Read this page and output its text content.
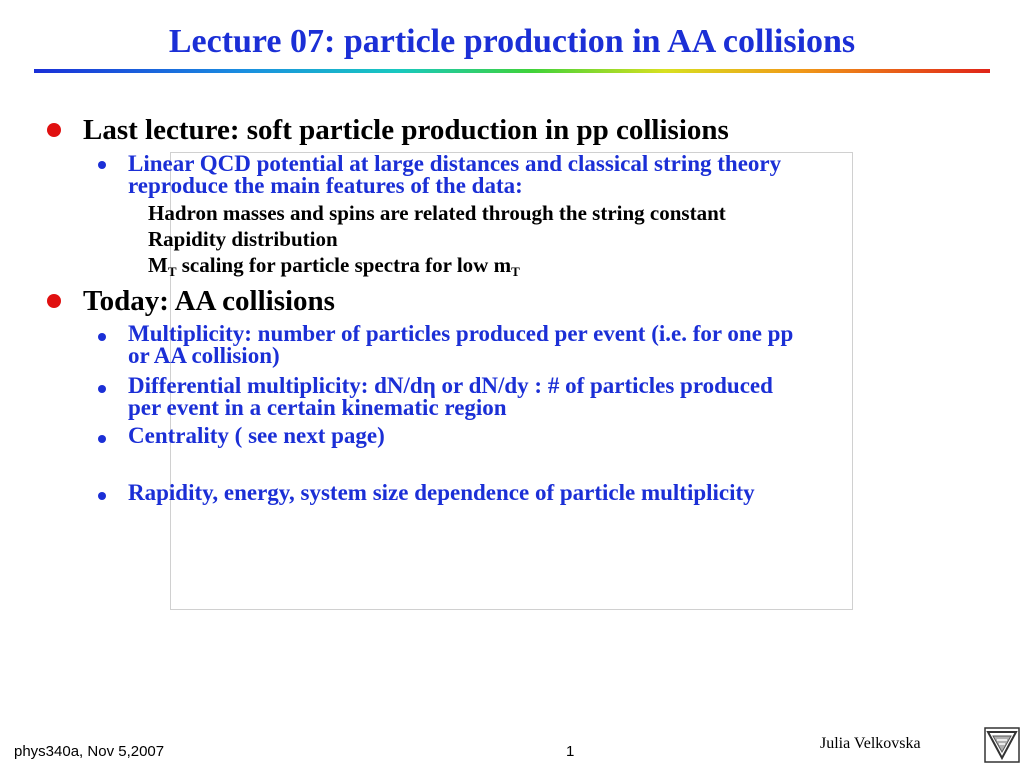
Lecture 07: particle production in AA collisions
Last lecture: soft particle production in pp collisions
Linear QCD potential at large distances and classical string theory
reproduce the main features of the data:
Hadron masses and spins are related through the string constant
Rapidity distribution
$M_T$ scaling for particle spectra for low $m_T$
Today: AA collisions
Multiplicity: number of particles produced per event (i.e. for one pp
or AA collision)
Differential multiplicity: dN/dη or dN/dy : # of particles produced
per event in a certain kinematic region
Centrality ( see next page)
Rapidity, energy, system size dependence of particle multiplicity
phys340a, Nov 5,2007	1	Julia Velkovska
